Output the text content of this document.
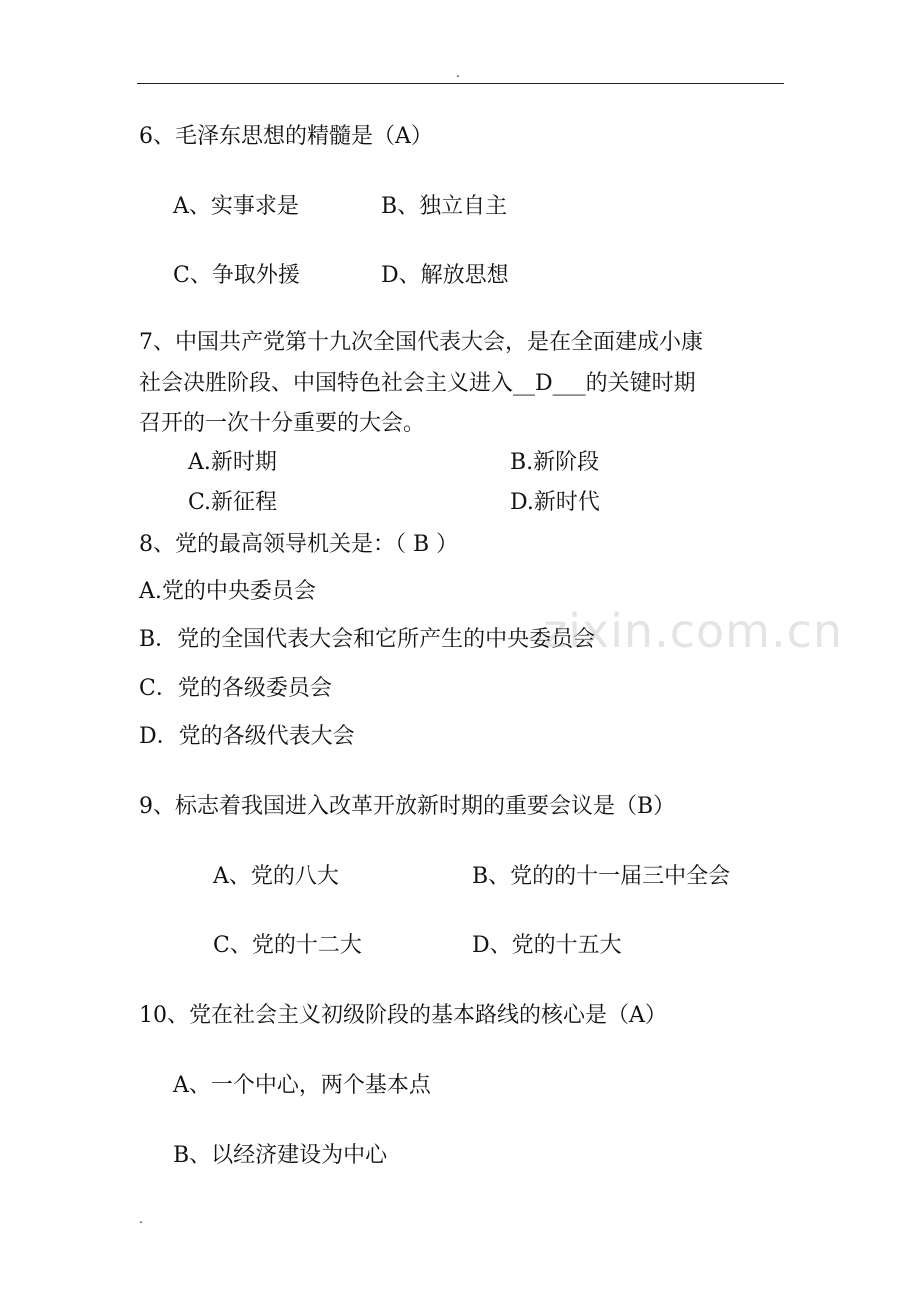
.
zixin.com.cn
6、毛泽东思想的精髓是（A）
A、实事求是	B、独立自主
C、争取外援	D、解放思想
7、中国共产党第十九次全国代表大会，是在全面建成小康
社会决胜阶段、中国特色社会主义进入__D___的关键时期
召开的一次十分重要的大会。
A.新时期	B.新阶段
C.新征程	D.新时代
8、党的最高领导机关是：（ B ）
A.党的中央委员会
B．党的全国代表大会和它所产生的中央委员会
C．党的各级委员会
D．党的各级代表大会
9、标志着我国进入改革开放新时期的重要会议是（B）
A、党的八大	B、党的的十一届三中全会
C、党的十二大	D、党的十五大
10、党在社会主义初级阶段的基本路线的核心是（A）
A、一个中心，两个基本点
B、以经济建设为中心
.
